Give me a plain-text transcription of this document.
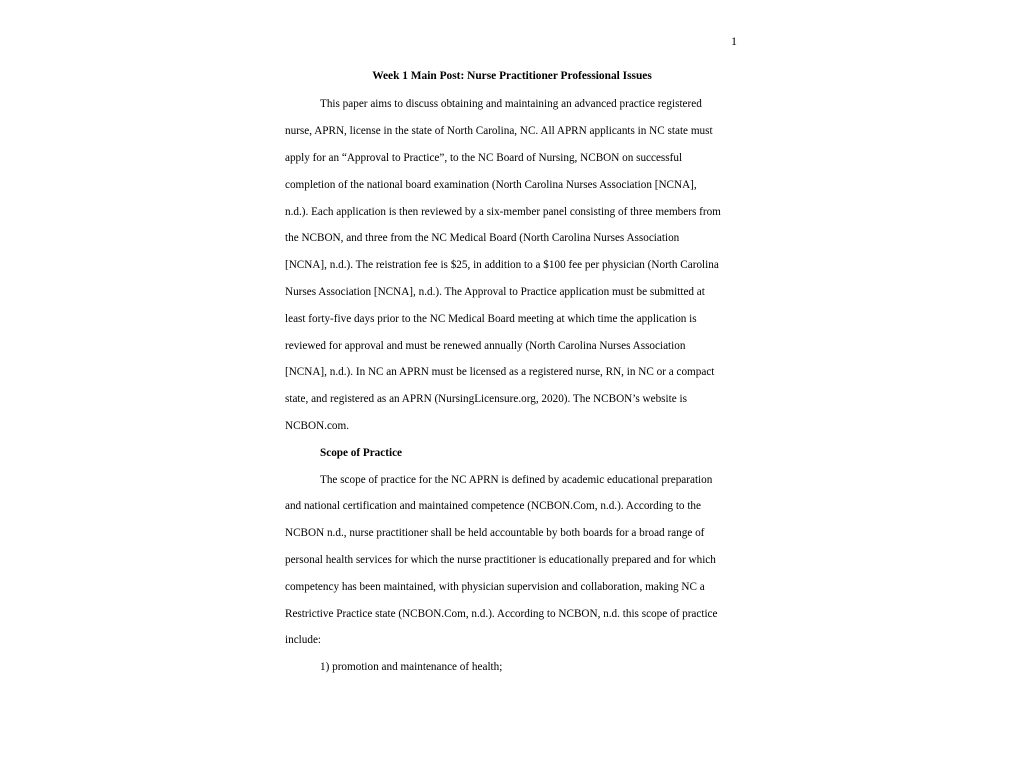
1
Week 1 Main Post: Nurse Practitioner Professional Issues
This paper aims to discuss obtaining and maintaining an advanced practice registered
nurse, APRN, license in the state of North Carolina, NC. All APRN applicants in NC state must
apply for an “Approval to Practice”, to the NC Board of Nursing, NCBON on successful
completion of the national board examination (North Carolina Nurses Association [NCNA],
n.d.). Each application is then reviewed by a six-member panel consisting of three members from
the NCBON, and three from the NC Medical Board (North Carolina Nurses Association
[NCNA], n.d.). The reistration fee is $25, in addition to a $100 fee per physician (North Carolina
Nurses Association [NCNA], n.d.). The Approval to Practice application must be submitted at
least forty-five days prior to the NC Medical Board meeting at which time the application is
reviewed for approval and must be renewed annually (North Carolina Nurses Association
[NCNA], n.d.). In NC an APRN must be licensed as a registered nurse, RN, in NC or a compact
state, and registered as an APRN (NursingLicensure.org, 2020). The NCBON’s website is
NCBON.com.
Scope of Practice
The scope of practice for the NC APRN is defined by academic educational preparation
and national certification and maintained competence (NCBON.Com, n.d.). According to the
NCBON n.d., nurse practitioner shall be held accountable by both boards for a broad range of
personal health services for which the nurse practitioner is educationally prepared and for which
competency has been maintained, with physician supervision and collaboration, making NC a
Restrictive Practice state (NCBON.Com, n.d.). According to NCBON, n.d. this scope of practice
include:
1) promotion and maintenance of health;
